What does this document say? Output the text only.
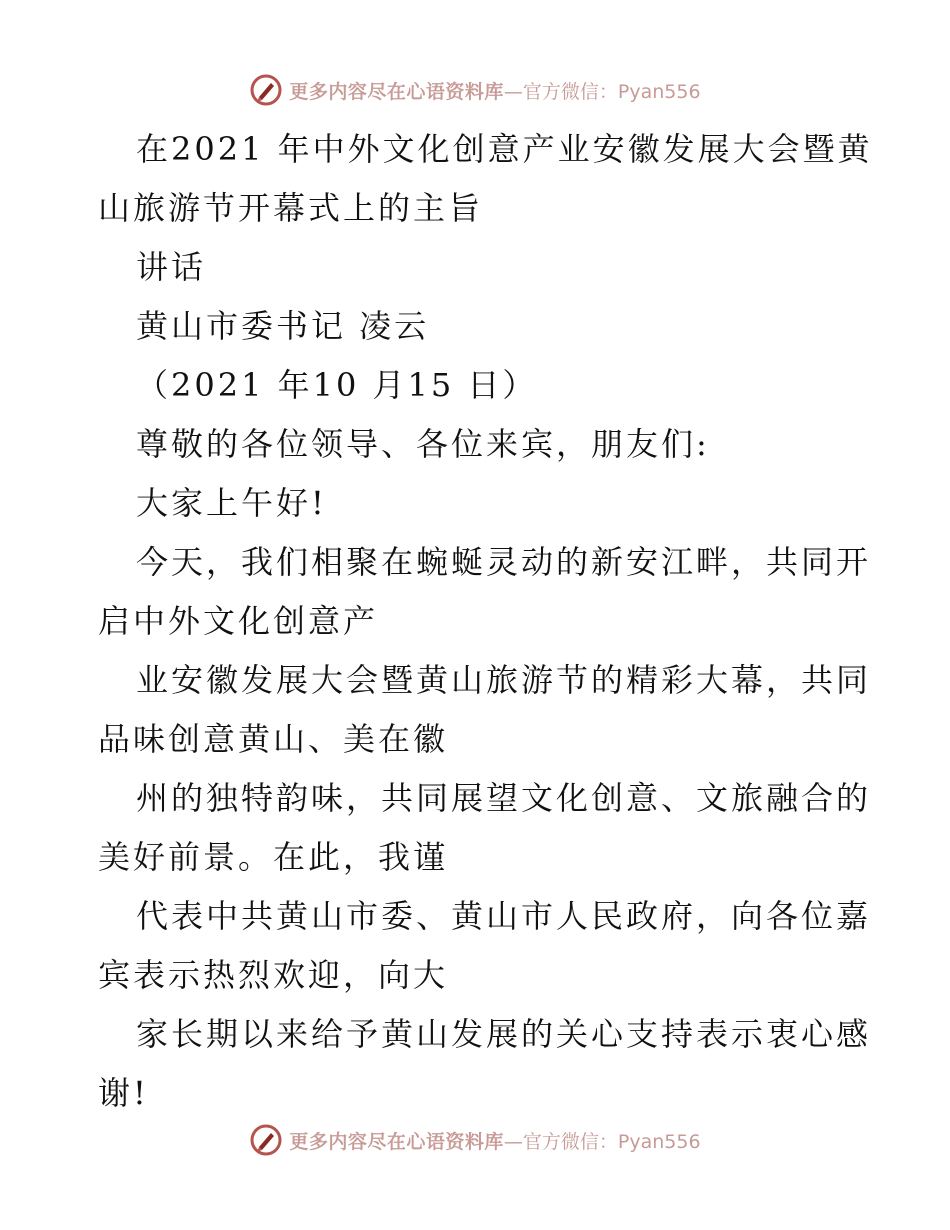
更多内容尽在心语资料库 —官方微信：Pyan556
在2021 年中外文化创意产业安徽发展大会暨黄
山旅游节开幕式上的主旨
讲话
黄山市委书记 凌云
（2021 年10 月15 日）
尊敬的各位领导、各位来宾，朋友们:
大家上午好!
今天，我们相聚在蜿蜒灵动的新安江畔，共同开
启中外文化创意产
业安徽发展大会暨黄山旅游节的精彩大幕，共同
品味创意黄山、美在徽
州的独特韵味，共同展望文化创意、文旅融合的
美好前景。在此，我谨
代表中共黄山市委、黄山市人民政府，向各位嘉
宾表示热烈欢迎，向大
家长期以来给予黄山发展的关心支持表示衷心感
谢!
更多内容尽在心语资料库 —官方微信：Pyan556
